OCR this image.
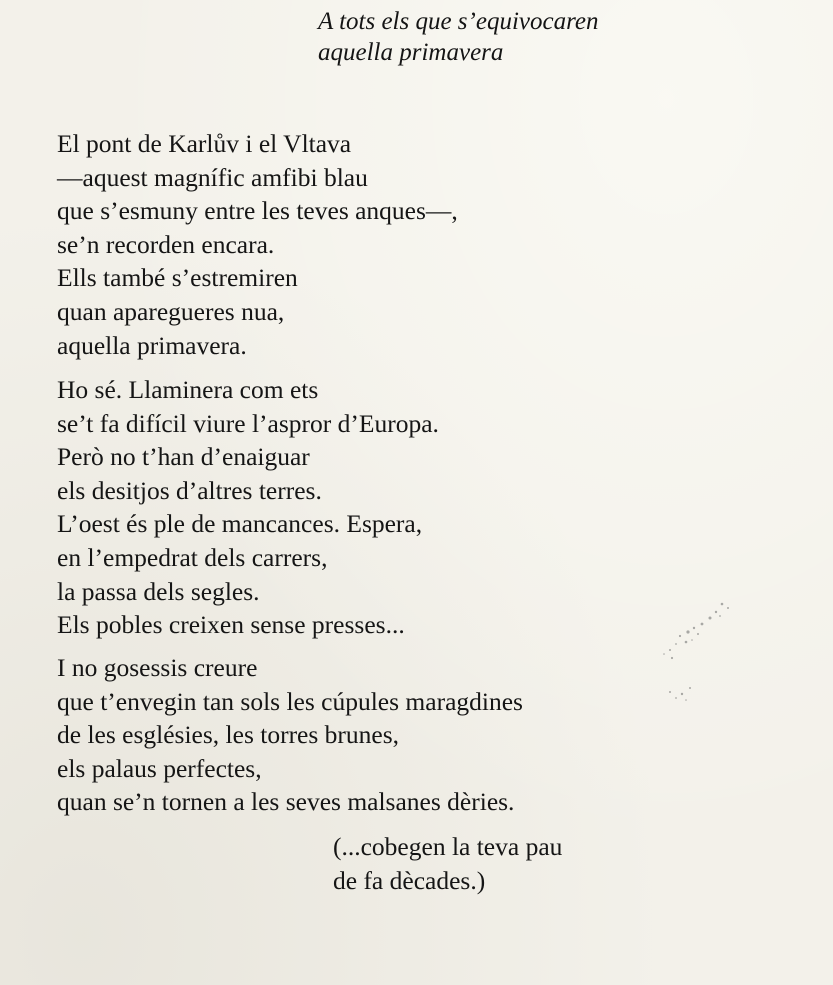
A tots els que s’equivocaren
aquella primavera
El pont de Karlův i el Vltava
—aquest magnífic amfibi blau
que s’esmuny entre les teves anques—,
se’n recorden encara.
Ells també s’estremiren
quan aparegueres nua,
aquella primavera.
Ho sé. Llaminera com ets
se’t fa difícil viure l’aspror d’Europa.
Però no t’han d’enaiguar
els desitjos d’altres terres.
L’oest és ple de mancances. Espera,
en l’empedrat dels carrers,
la passa dels segles.
Els pobles creixen sense presses...
I no gosessis creure
que t’envegin tan sols les cúpules maragdines
de les esglésies, les torres brunes,
els palaus perfectes,
quan se’n tornen a les seves malsanes dèries.
(...cobegen la teva pau
de fa dècades.)
